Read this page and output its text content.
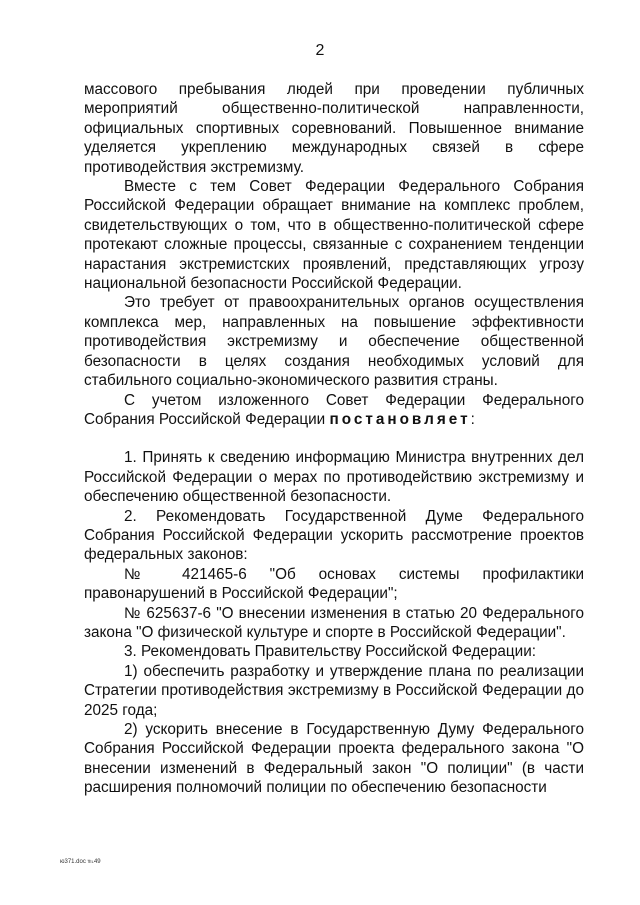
2

массового пребывания людей при проведении публичных мероприятий общественно-политической направленности, официальных спортивных соревнований. Повышенное внимание уделяется укреплению международных связей в сфере противодействия экстремизму.

Вместе с тем Совет Федерации Федерального Собрания Российской Федерации обращает внимание на комплекс проблем, свидетельствующих о том, что в общественно-политической сфере протекают сложные процессы, связанные с сохранением тенденции нарастания экстремистских проявлений, представляющих угрозу национальной безопасности Российской Федерации.

Это требует от правоохранительных органов осуществления комплекса мер, направленных на повышение эффективности противодействия экстремизму и обеспечение общественной безопасности в целях создания необходимых условий для стабильного социально-экономического развития страны.

С учетом изложенного Совет Федерации Федерального Собрания Российской Федерации постановляет:

1. Принять к сведению информацию Министра внутренних дел Российской Федерации о мерах по противодействию экстремизму и обеспечению общественной безопасности.

2. Рекомендовать Государственной Думе Федерального Собрания Российской Федерации ускорить рассмотрение проектов федеральных законов:

№ 421465-6 "Об основах системы профилактики правонарушений в Российской Федерации";

№ 625637-6 "О внесении изменения в статью 20 Федерального закона "О физической культуре и спорте в Российской Федерации".

3. Рекомендовать Правительству Российской Федерации:

1) обеспечить разработку и утверждение плана по реализации Стратегии противодействия экстремизму в Российской Федерации до 2025 года;

2) ускорить внесение в Государственную Думу Федерального Собрания Российской Федерации проекта федерального закона "О внесении изменений в Федеральный закон "О полиции" (в части расширения полномочий полиции по обеспечению безопасности

ю371.doc ℡49
